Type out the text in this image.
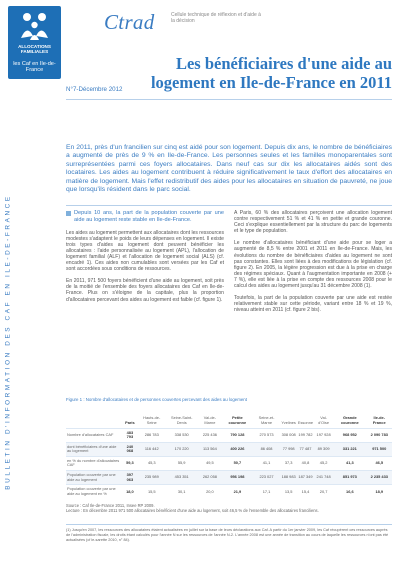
ALLOCATIONS FAMILIALES
les Caf en Ile-de-France
Ctrad	Cellule technique de réflexion et d'aide à la décision
N°7-Décembre 2012
Les bénéficiaires d'une aide au logement en Ile-de-France en 2011
BULLETIN D'INFORMATION DES CAF EN ILE-DE-FRANCE

En 2011, près d'un francilien sur cinq est aidé pour son logement. Depuis dix ans, le nombre de bénéficiaires a augmenté de près de 9 % en Ile-de-France. Les personnes seules et les familles monoparentales sont surreprésentées parmi ces foyers allocataires. Dans neuf cas sur dix les allocataires aidés sont des locataires. Les aides au logement contribuent à réduire significativement le taux d'effort des allocataires en matière de logement. Mais l'effet redistributif des aides pour les allocataires en situation de pauvreté, ne joue que lorsqu'ils résident dans le parc social.

Depuis 10 ans, la part de la population couverte par une aide au logement reste stable en Ile-de-France.

Les aides au logement permettent aux allocataires dont les ressources modestes s'adaptent le poids de leurs dépenses en logement. Il existe trois types d'aides au logement dont peuvent bénéficier les allocataires : l'aide personnalisée au logement (APL), l'allocation de logement familial (ALF) et l'allocation de logement social (ALS) (cf. encadré 1). Ces aides non cumulables sont versées par les Caf et sont accordées sous conditions de ressources.

En 2011, 971 500 foyers bénéficient d'une aide au logement, soit près de la moitié de l'ensemble des foyers allocataires des Caf en Ile-de-France. Plus on s'éloigne de la capitale, plus la proportion d'allocataires percevant des aides au logement est faible (cf. figure 1).

A Paris, 60 % des allocataires perçoivent une allocation logement contre respectivement 51 % et 41 % en petite et grande couronne. Ceci s'explique essentiellement par la structure du parc de logements et le type de population.

Le nombre d'allocataires bénéficiant d'une aide pour se loger a augmenté de 8,5 % entre 2001 et 2011 en Ile-de-France. Mais, les évolutions du nombre de bénéficiaires d'aides au logement ne sont pas constantes. Elles sont liées à des modifications de législation (cf. figure 2). En 2005, la légère progression est due à la prise en charge des régimes spéciaux. Quant à l'augmentation importante en 2008 (+ 7 %), elle est liée à la prise en compte des ressources 2008 pour le calcul des aides au logement jusqu'au 31 décembre 2008 (1).

Toutefois, la part de la population couverte par une aide est restée relativement stable sur cette période, variant entre 18 % et 19 %, niveau atteint en 2011 (cf. figure 2 bis).

Figure 1 : Nombre d'allocataires et de personnes couvertes percevant des aides au logement
	Paris	Hauts-de-Seine	Seine-Saint-Denis	Val-de-Marne	Petite couronne	Seine-et-Marne	Yvelines	Essonne	Val-d'Oise	Grande couronne	Ile-de-France
Nombre d'allocataires CAF	483 793	286 783	338 530	225 436	790 128	270 573	308 008	199 782	197 928	968 952	2 090 783
dont bénéficiaires d'une aide au logement	240 068	116 442	170 220	113 564	400 226	86 408	77 998	77 487	89 309	331 221	971 500
en % du nombre d'allocataires CAF	59,3	45,3	55,9	49,5	50,7	41,1	37,3	40,8	45,2	41,3	46,5
Population couverte par une aide au logement	397 063	235 989	453 351	262 058	956 198	223 027	188 983	187 349	241 748	851 973	2 235 433
Population couverte par une aide au logement en %	18,0	15,5	30,1	20,0	21,9	17,1	13,5	15,4	20,7	16,6	18,9
Source : Caf Ile-de-France 2011, Insee RP 2009.
Lecture : En décembre 2011 971 500 allocataires bénéficient d'une aide au logement, soit 46,5 % de l'ensemble des allocataires franciliens.

(1) Jusqu'en 2007, les ressources des allocataires étaient actualisées en juillet sur la base de leurs déclarations aux Caf. A partir du 1er janvier 2009, les Caf récupèrent ces ressources auprès de l'administration fiscale, les droits étant calculés pour l'année N sur les ressources de l'année N-2. L'année 2008 est une année de transition au cours de laquelle les ressources n'ont pas été actualisées (cf le-sarette 2010, n° 84).
